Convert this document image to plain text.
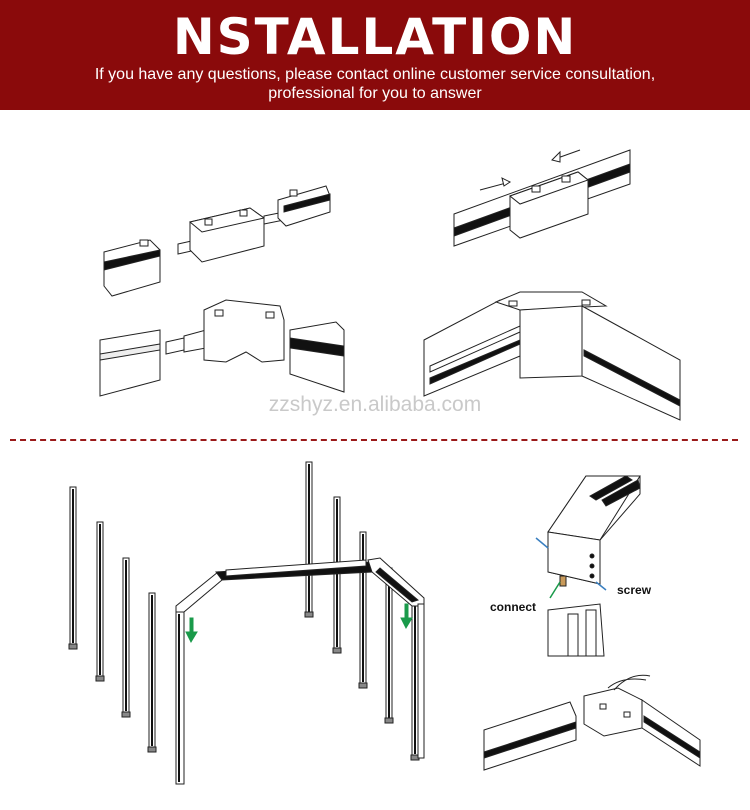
NSTALLATION
If you have any questions, please contact online customer service consultation,
professional for you to answer
zzshyz.en.alibaba.com
screw
connect
